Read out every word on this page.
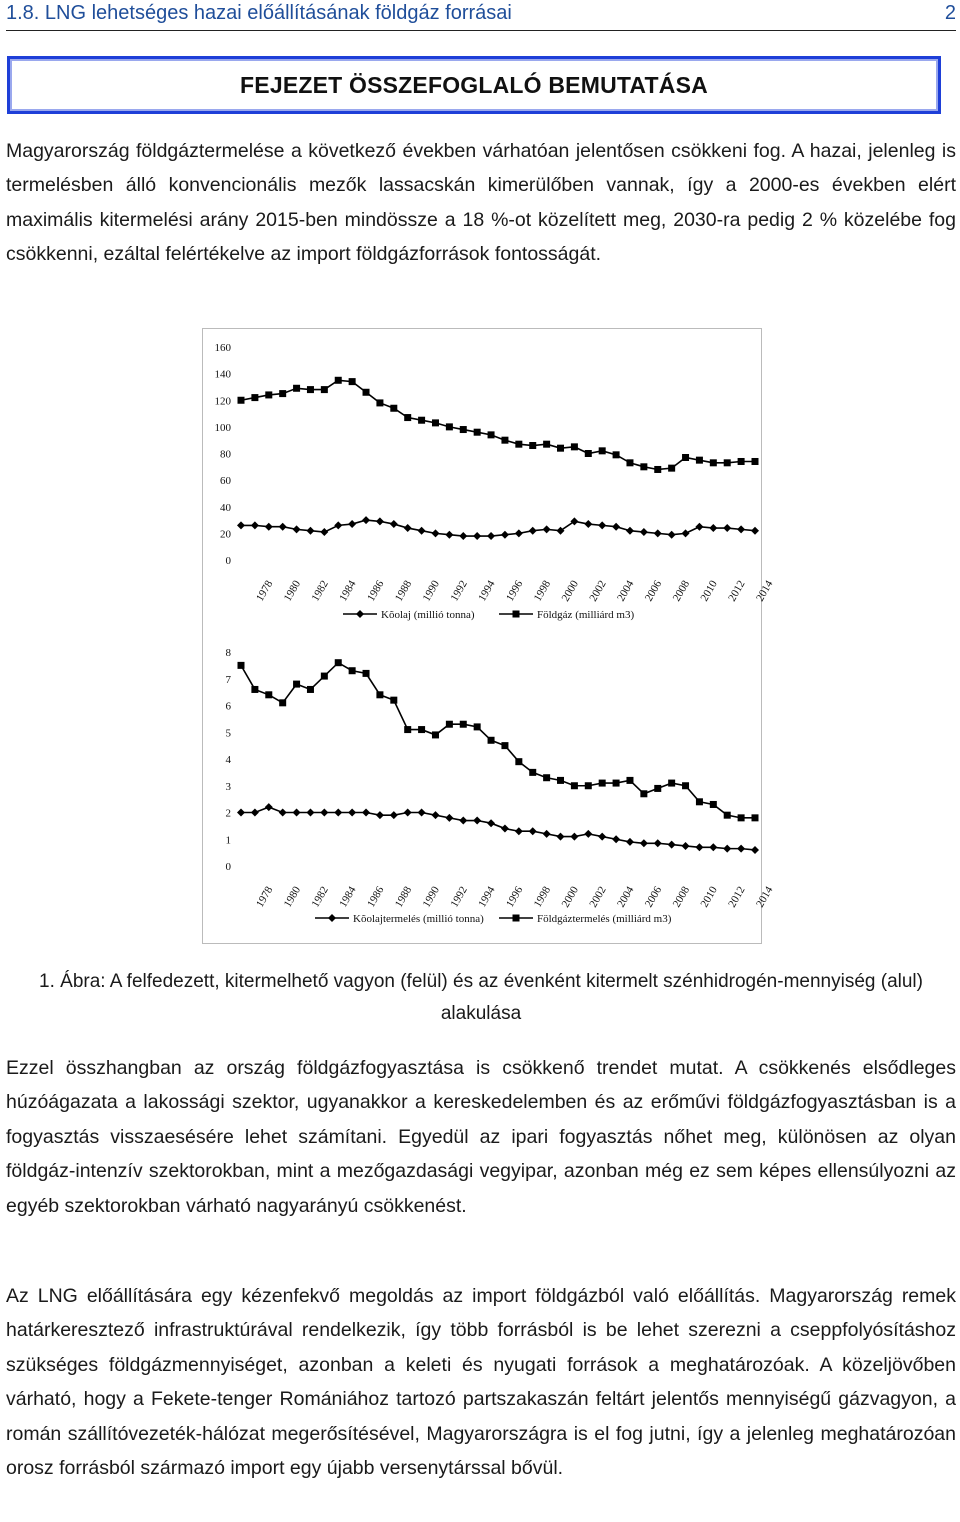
1.8. LNG lehetséges hazai előállításának földgáz forrásai	2
FEJEZET ÖSSZEFOGLALÓ BEMUTATÁSA
Magyarország földgáztermelése a következő években várhatóan jelentősen csökkeni fog. A hazai, jelenleg is termelésben álló konvencionális mezők lassacskán kimerülőben vannak, így a 2000-es években elért maximális kitermelési arány 2015-ben mindössze a 18 %-ot közelített meg, 2030-ra pedig 2 % közelébe fog csökkenni, ezáltal felértékelve az import földgázforrások fontosságát.
0
20
40
60
80
100
120
140
160
1978 1980 1982 1984 1986 1988 1990 1992 1994 1996 1998 2000 2002 2004 2006 2008 2010 2012 2014
Kõolaj (millió tonna)	Földgáz (milliárd m3)
0
1
2
3
4
5
6
7
8
1978 1980 1982 1984 1986 1988 1990 1992 1994 1996 1998 2000 2002 2004 2006 2008 2010 2012 2014
Kõolajtermelés (millió tonna)	Földgáztermelés (milliárd m3)
1. Ábra: A felfedezett, kitermelhető vagyon (felül) és az évenként kitermelt szénhidrogén-mennyiség (alul) alakulása
Ezzel összhangban az ország földgázfogyasztása is csökkenő trendet mutat. A csökkenés elsődleges húzóágazata a lakossági szektor, ugyanakkor a kereskedelemben és az erőművi földgázfogyasztásban is a fogyasztás visszaesésére lehet számítani. Egyedül az ipari fogyasztás nőhet meg, különösen az olyan földgáz-intenzív szektorokban, mint a mezőgazdasági vegyipar, azonban még ez sem képes ellensúlyozni az egyéb szektorokban várható nagyarányú csökkenést.
Az LNG előállítására egy kézenfekvő megoldás az import földgázból való előállítás. Magyarország remek határkeresztező infrastruktúrával rendelkezik, így több forrásból is be lehet szerezni a cseppfolyósításhoz szükséges földgázmennyiséget, azonban a keleti és nyugati források a meghatározóak. A közeljövőben várható, hogy a Fekete-tenger Romániához tartozó partszakaszán feltárt jelentős mennyiségű gázvagyon, a román szállítóvezeték-hálózat megerősítésével, Magyarországra is el fog jutni, így a jelenleg meghatározóan orosz forrásból származó import egy újabb versenytárssal bővül.
